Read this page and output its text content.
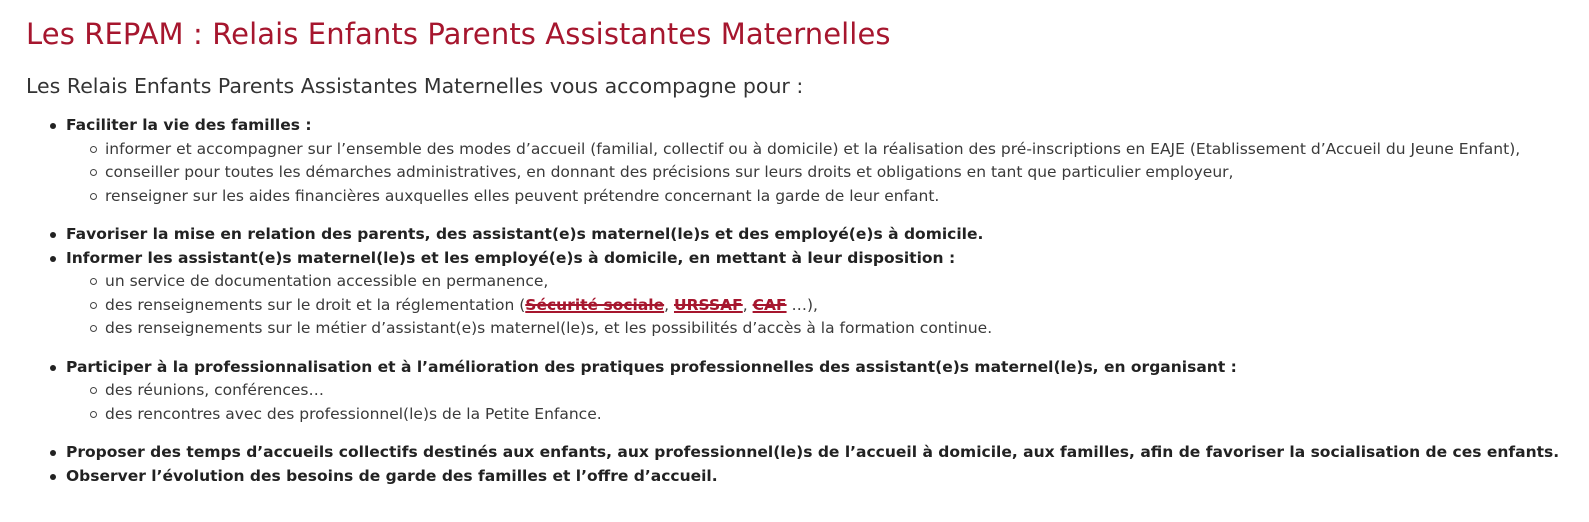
Les REPAM : Relais Enfants Parents Assistantes Maternelles

Les Relais Enfants Parents Assistantes Maternelles vous accompagne pour :

Faciliter la vie des familles :
informer et accompagner sur l’ensemble des modes d’accueil (familial, collectif ou à domicile) et la réalisation des pré-inscriptions en EAJE (Etablissement d’Accueil du Jeune Enfant),
conseiller pour toutes les démarches administratives, en donnant des précisions sur leurs droits et obligations en tant que particulier employeur,
renseigner sur les aides financières auxquelles elles peuvent prétendre concernant la garde de leur enfant.
Favoriser la mise en relation des parents, des assistant(e)s maternel(le)s et des employé(e)s à domicile.
Informer les assistant(e)s maternel(le)s et les employé(e)s à domicile, en mettant à leur disposition :
un service de documentation accessible en permanence,
des renseignements sur le droit et la réglementation (Sécurité sociale, URSSAF, CAF …),
des renseignements sur le métier d’assistant(e)s maternel(le)s, et les possibilités d’accès à la formation continue.
Participer à la professionnalisation et à l’amélioration des pratiques professionnelles des assistant(e)s maternel(le)s, en organisant :
des réunions, conférences…
des rencontres avec des professionnel(le)s de la Petite Enfance.
Proposer des temps d’accueils collectifs destinés aux enfants, aux professionnel(le)s de l’accueil à domicile, aux familles, afin de favoriser la socialisation de ces enfants.
Observer l’évolution des besoins de garde des familles et l’offre d’accueil.
